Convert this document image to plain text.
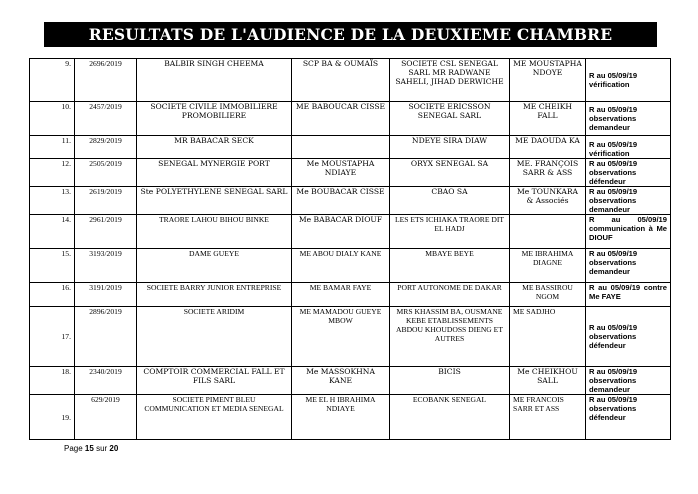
RESULTATS DE L'AUDIENCE DE LA DEUXIEME CHAMBRE
9.	2696/2019	BALBIR SINGH CHEEMA	SCP BA & OUMAÏS	SOCIETE CSL SENEGAL SARL MR RADWANE SAHELI, JIHAD DERWICHE	ME MOUSTAPHA NDOYE	R au 05/09/19 vérification
10.	2457/2019	SOCIETE CIVILE IMMOBILIERE PROMOBILIERE	ME BABOUCAR CISSE	SOCIETE ERICSSON SENEGAL SARL	ME CHEIKH FALL	R au 05/09/19 observations demandeur
11.	2829/2019	MR BABACAR SECK		NDEYE SIRA DIAW	ME DAOUDA KA	R au 05/09/19 vérification
12.	2505/2019	SENEGAL MYNERGIE PORT	Me MOUSTAPHA NDIAYE	ORYX SENEGAL SA	ME. FRANÇOIS SARR & ASS	R au 05/09/19 observations défendeur
13.	2619/2019	Ste POLYETHYLENE SENEGAL SARL	Me BOUBACAR CISSE	CBAO SA	Me TOUNKARA & Associés	R au 05/09/19 observations demandeur
14.	2961/2019	TRAORE LAHOU BIHOU BINKE	Me BABACAR DIOUF	LES ETS ICHIAKA TRAORE DIT EL HADJ		R au 05/09/19 communication à Me DIOUF
15.	3193/2019	DAME GUEYE	ME ABOU DIALY KANE	MBAYE BEYE	ME IBRAHIMA DIAGNE	R au 05/09/19 observations demandeur
16.	3191/2019	SOCIETE BARRY JUNIOR ENTREPRISE	ME BAMAR FAYE	PORT AUTONOME DE DAKAR	ME BASSIROU NGOM	R au 05/09/19 contre Me FAYE
17.	2896/2019	SOCIETE ARIDIM	ME MAMADOU GUEYE MBOW	MRS KHASSIM BA, OUSMANE KEBE ETABLISSEMENTS ABDOU KHOUDOSS DIENG ET AUTRES	ME SADJHO	R au 05/09/19 observations défendeur
18.	2340/2019	COMPTOIR COMMERCIAL FALL ET FILS SARL	Me MASSOKHNA KANE	BICIS	Me CHEIKHOU SALL	R au 05/09/19 observations demandeur
19.	629/2019	SOCIETE PIMENT BLEU COMMUNICATION ET MEDIA SENEGAL	ME EL H IBRAHIMA NDIAYE	ECOBANK SENEGAL	ME FRANCOIS SARR ET ASS	R au 05/09/19 observations défendeur
Page 15 sur 20
